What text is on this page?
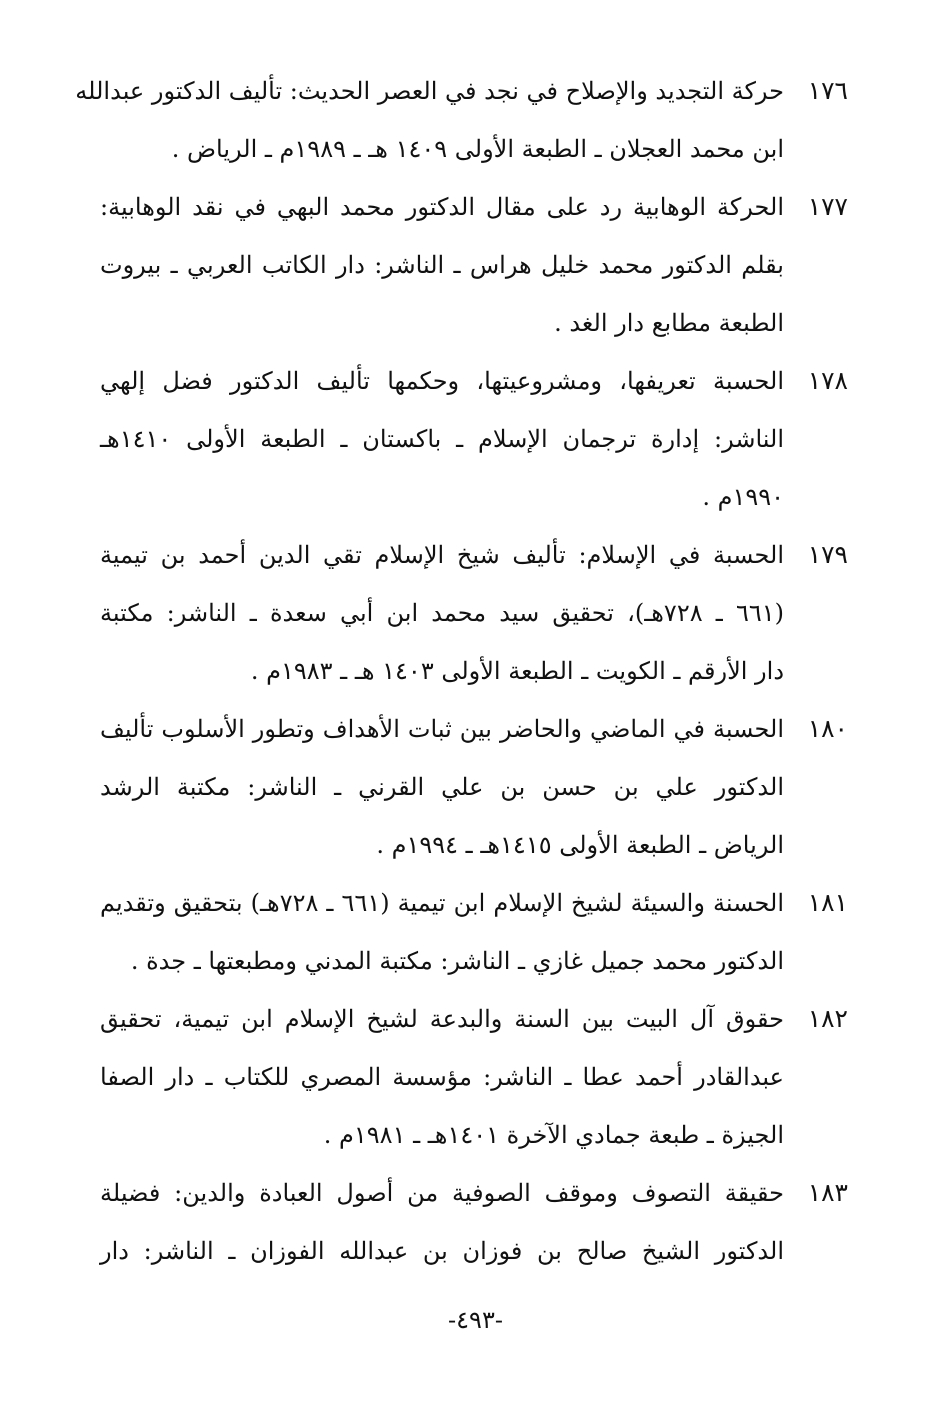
١٧٦
حركة التجديد والإصلاح في نجد في العصر الحديث: تأليف الدكتور عبدالله
ابن محمد العجلان ـ الطبعة الأولى ١٤٠٩ هـ ـ ١٩٨٩م ـ الرياض .
١٧٧
الحركة الوهابية رد على مقال الدكتور محمد البهي في نقد الوهابية:
بقلم الدكتور محمد خليل هراس ـ الناشر: دار الكاتب العربي ـ بيروت
الطبعة مطابع دار الغد .
١٧٨
الحسبة تعريفها، ومشروعيتها، وحكمها تأليف الدكتور فضل إلهي
الناشر: إدارة ترجمان الإسلام ـ باكستان ـ الطبعة الأولى ١٤١٠هـ
١٩٩٠م .
١٧٩
الحسبة في الإسلام: تأليف شيخ الإسلام تقي الدين أحمد بن تيمية
(٦٦١ ـ ٧٢٨هـ)، تحقيق سيد محمد ابن أبي سعدة ـ الناشر: مكتبة
دار الأرقم ـ الكويت ـ الطبعة الأولى ١٤٠٣ هـ ـ ١٩٨٣م .
١٨٠
الحسبة في الماضي والحاضر بين ثبات الأهداف وتطور الأسلوب تأليف
الدكتور علي بن حسن بن علي القرني ـ الناشر: مكتبة الرشد
الرياض ـ الطبعة الأولى ١٤١٥هـ ـ ١٩٩٤م .
١٨١
الحسنة والسيئة لشيخ الإسلام ابن تيمية (٦٦١ ـ ٧٢٨هـ) بتحقيق وتقديم
الدكتور محمد جميل غازي ـ الناشر: مكتبة المدني ومطبعتها ـ جدة .
١٨٢
حقوق آل البيت بين السنة والبدعة لشيخ الإسلام ابن تيمية، تحقيق
عبدالقادر أحمد عطا ـ الناشر: مؤسسة المصري للكتاب ـ دار الصفا
الجيزة ـ طبعة جمادي الآخرة ١٤٠١هـ ـ ١٩٨١م .
١٨٣
حقيقة التصوف وموقف الصوفية من أصول العبادة والدين: فضيلة
الدكتور الشيخ صالح بن فوزان بن عبدالله الفوزان ـ الناشر: دار
-٤٩٣-
